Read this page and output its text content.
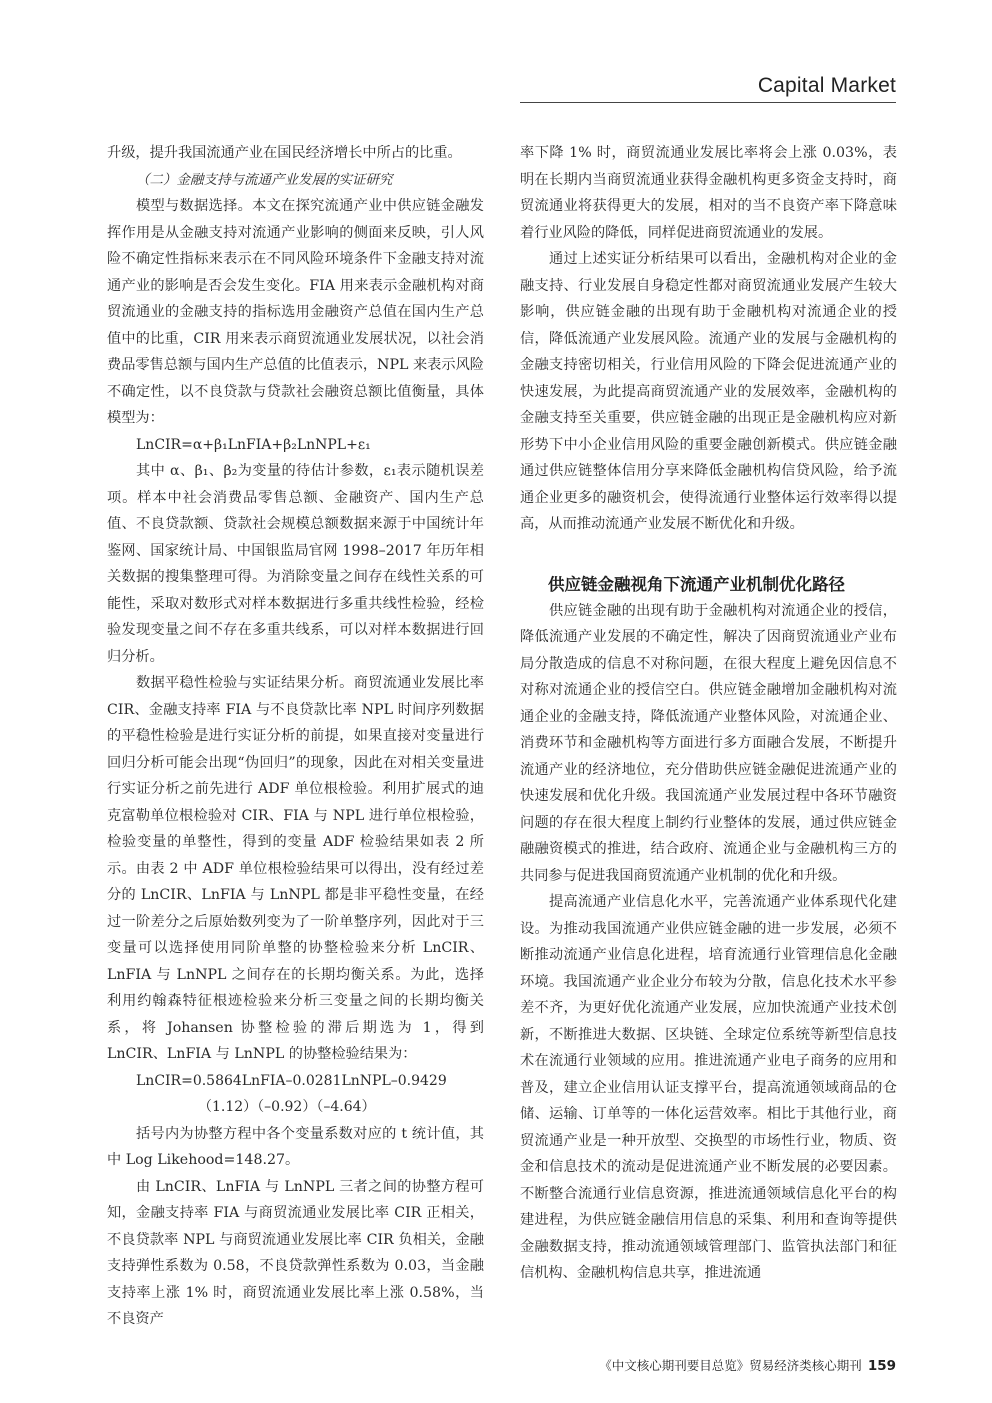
Capital Market

升级，提升我国流通产业在国民经济增长中所占的比重。

（二）金融支持与流通产业发展的实证研究

模型与数据选择。本文在探究流通产业中供应链金融发挥作用是从金融支持对流通产业影响的侧面来反映，引人风险不确定性指标来表示在不同风险环境条件下金融支持对流通产业的影响是否会发生变化。FIA 用来表示金融机构对商贸流通业的金融支持的指标选用金融资产总值在国内生产总值中的比重，CIR 用来表示商贸流通业发展状况，以社会消费品零售总额与国内生产总值的比值表示，NPL 来表示风险不确定性，以不良贷款与贷款社会融资总额比值衡量，具体模型为：

LnCIR=α+β₁LnFIA+β₂LnNPL+ε₁

其中 α、β₁、β₂为变量的待估计参数，ε₁表示随机误差项。样本中社会消费品零售总额、金融资产、国内生产总值、不良贷款额、贷款社会规模总额数据来源于中国统计年鉴网、国家统计局、中国银监局官网 1998–2017 年历年相关数据的搜集整理可得。为消除变量之间存在线性关系的可能性，采取对数形式对样本数据进行多重共线性检验，经检验发现变量之间不存在多重共线系，可以对样本数据进行回归分析。

数据平稳性检验与实证结果分析。商贸流通业发展比率 CIR、金融支持率 FIA 与不良贷款比率 NPL 时间序列数据的平稳性检验是进行实证分析的前提，如果直接对变量进行回归分析可能会出现“伪回归”的现象，因此在对相关变量进行实证分析之前先进行 ADF 单位根检验。利用扩展式的迪克富勒单位根检验对 CIR、FIA 与 NPL 进行单位根检验，检验变量的单整性，得到的变量 ADF 检验结果如表 2 所示。由表 2 中 ADF 单位根检验结果可以得出，没有经过差分的 LnCIR、LnFIA 与 LnNPL 都是非平稳性变量，在经过一阶差分之后原始数列变为了一阶单整序列，因此对于三变量可以选择使用同阶单整的协整检验来分析 LnCIR、LnFIA 与 LnNPL 之间存在的长期均衡关系。为此，选择利用约翰森特征根迹检验来分析三变量之间的长期均衡关系，将 Johansen 协整检验的滞后期选为 1，得到 LnCIR、LnFIA 与 LnNPL 的协整检验结果为：

LnCIR=0.5864LnFIA–0.0281LnNPL–0.9429

（1.12）（–0.92）（–4.64）

括号内为协整方程中各个变量系数对应的 t 统计值，其中 Log Likehood=148.27。

由 LnCIR、LnFIA 与 LnNPL 三者之间的协整方程可知，金融支持率 FIA 与商贸流通业发展比率 CIR 正相关，不良贷款率 NPL 与商贸流通业发展比率 CIR 负相关，金融支持弹性系数为 0.58，不良贷款弹性系数为 0.03，当金融支持率上涨 1% 时，商贸流通业发展比率上涨 0.58%，当不良资产

率下降 1% 时，商贸流通业发展比率将会上涨 0.03%，表明在长期内当商贸流通业获得金融机构更多资金支持时，商贸流通业将获得更大的发展，相对的当不良资产率下降意味着行业风险的降低，同样促进商贸流通业的发展。

通过上述实证分析结果可以看出，金融机构对企业的金融支持、行业发展自身稳定性都对商贸流通业发展产生较大影响，供应链金融的出现有助于金融机构对流通企业的授信，降低流通产业发展风险。流通产业的发展与金融机构的金融支持密切相关，行业信用风险的下降会促进流通产业的快速发展，为此提高商贸流通产业的发展效率，金融机构的金融支持至关重要，供应链金融的出现正是金融机构应对新形势下中小企业信用风险的重要金融创新模式。供应链金融通过供应链整体信用分享来降低金融机构信贷风险，给予流通企业更多的融资机会，使得流通行业整体运行效率得以提高，从而推动流通产业发展不断优化和升级。

供应链金融视角下流通产业机制优化路径

供应链金融的出现有助于金融机构对流通企业的授信，降低流通产业发展的不确定性，解决了因商贸流通业产业布局分散造成的信息不对称问题，在很大程度上避免因信息不对称对流通企业的授信空白。供应链金融增加金融机构对流通企业的金融支持，降低流通产业整体风险，对流通企业、消费环节和金融机构等方面进行多方面融合发展，不断提升流通产业的经济地位，充分借助供应链金融促进流通产业的快速发展和优化升级。我国流通产业发展过程中各环节融资问题的存在很大程度上制约行业整体的发展，通过供应链金融融资模式的推进，结合政府、流通企业与金融机构三方的共同参与促进我国商贸流通产业机制的优化和升级。

提高流通产业信息化水平，完善流通产业体系现代化建设。为推动我国流通产业供应链金融的进一步发展，必须不断推动流通产业信息化进程，培育流通行业管理信息化金融环境。我国流通产业企业分布较为分散，信息化技术水平参差不齐，为更好优化流通产业发展，应加快流通产业技术创新，不断推进大数据、区块链、全球定位系统等新型信息技术在流通行业领域的应用。推进流通产业电子商务的应用和普及，建立企业信用认证支撑平台，提高流通领域商品的仓储、运输、订单等的一体化运营效率。相比于其他行业，商贸流通产业是一种开放型、交换型的市场性行业，物质、资金和信息技术的流动是促进流通产业不断发展的必要因素。不断整合流通行业信息资源，推进流通领域信息化平台的构建进程，为供应链金融信用信息的采集、利用和查询等提供金融数据支持，推动流通领域管理部门、监管执法部门和征信机构、金融机构信息共享，推进流通

《中文核心期刊要目总览》贸易经济类核心期刊 159
